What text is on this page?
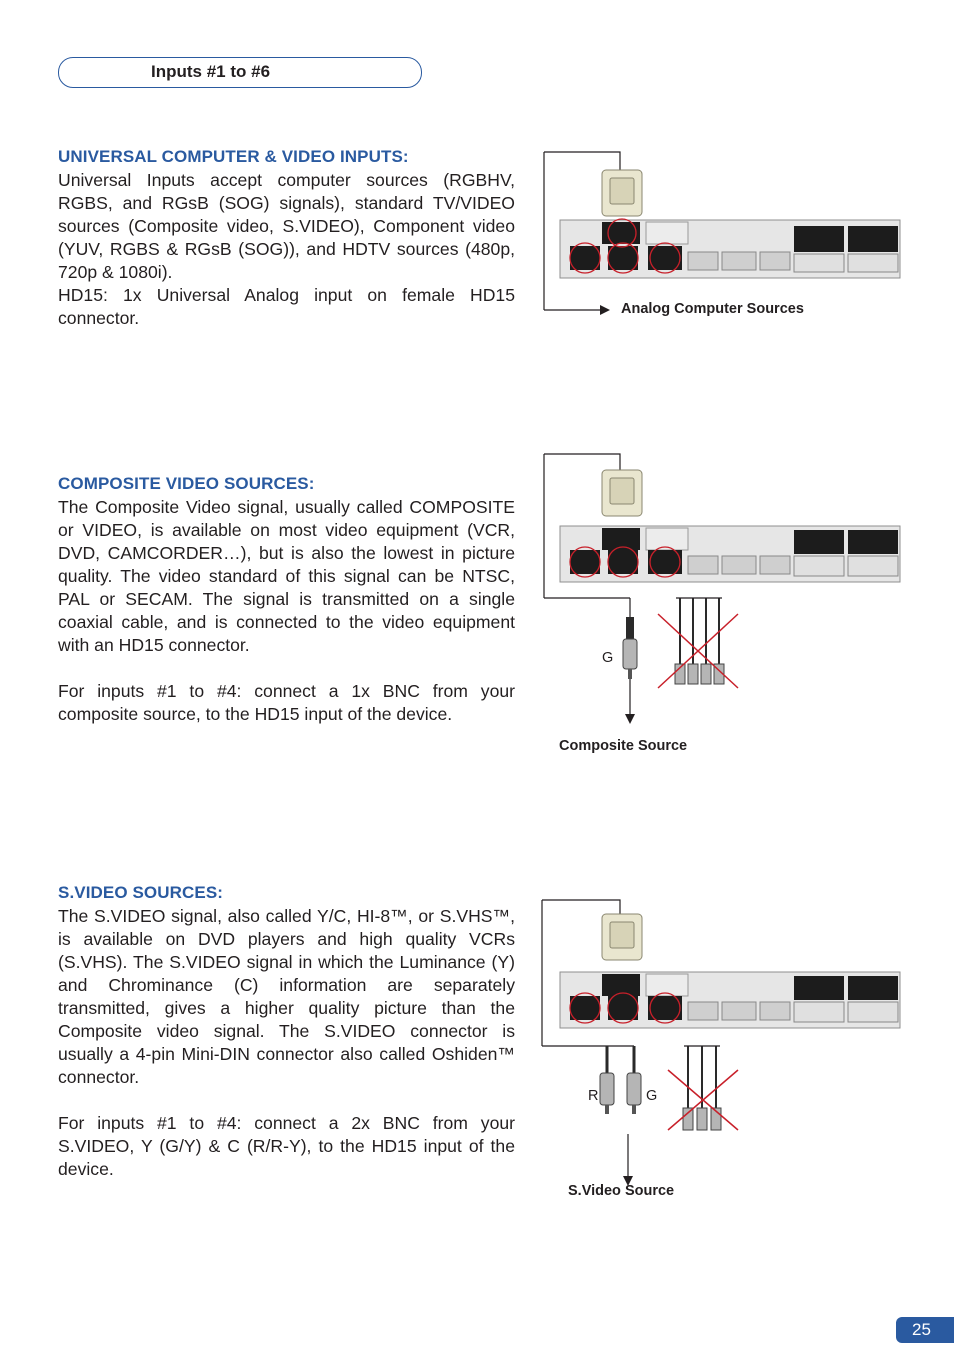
Inputs #1 to #6
UNIVERSAL COMPUTER & VIDEO INPUTS:

Universal Inputs accept computer sources (RGBHV, RGBS, and RGsB (SOG) signals), standard TV/VIDEO sources (Composite video, S.VIDEO), Component video (YUV, RGBS & RGsB (SOG)), and HDTV sources (480p, 720p & 1080i).

HD15: 1x Universal Analog input on female HD15 connector.	Analog Computer Sources
COMPOSITE VIDEO SOURCES:

The Composite Video signal, usually called COMPOSITE or VIDEO, is available on most video equipment (VCR, DVD, CAMCORDER…), but is also the lowest in picture quality. The video standard of this signal can be NTSC, PAL or SECAM. The signal is transmitted on a single coaxial cable, and is connected to the video equipment with an HD15 connector.

For inputs #1 to #4: connect a 1x BNC from your composite source, to the HD15 input of the device.

G
Composite Source
S.VIDEO SOURCES:

The S.VIDEO signal, also called Y/C, HI-8™, or S.VHS™, is available on DVD players and high quality VCRs (S.VHS). The S.VIDEO signal in which the Luminance (Y) and Chrominance (C) information are separately transmitted, gives a higher quality picture than the Composite video signal. The S.VIDEO connector is usually a 4-pin Mini-DIN connector also called Oshiden™ connector.

For inputs #1 to #4: connect a 2x BNC from your S.VIDEO, Y (G/Y) & C (R/R-Y), to the HD15 input of the device.

R	G
S.Video Source
25
